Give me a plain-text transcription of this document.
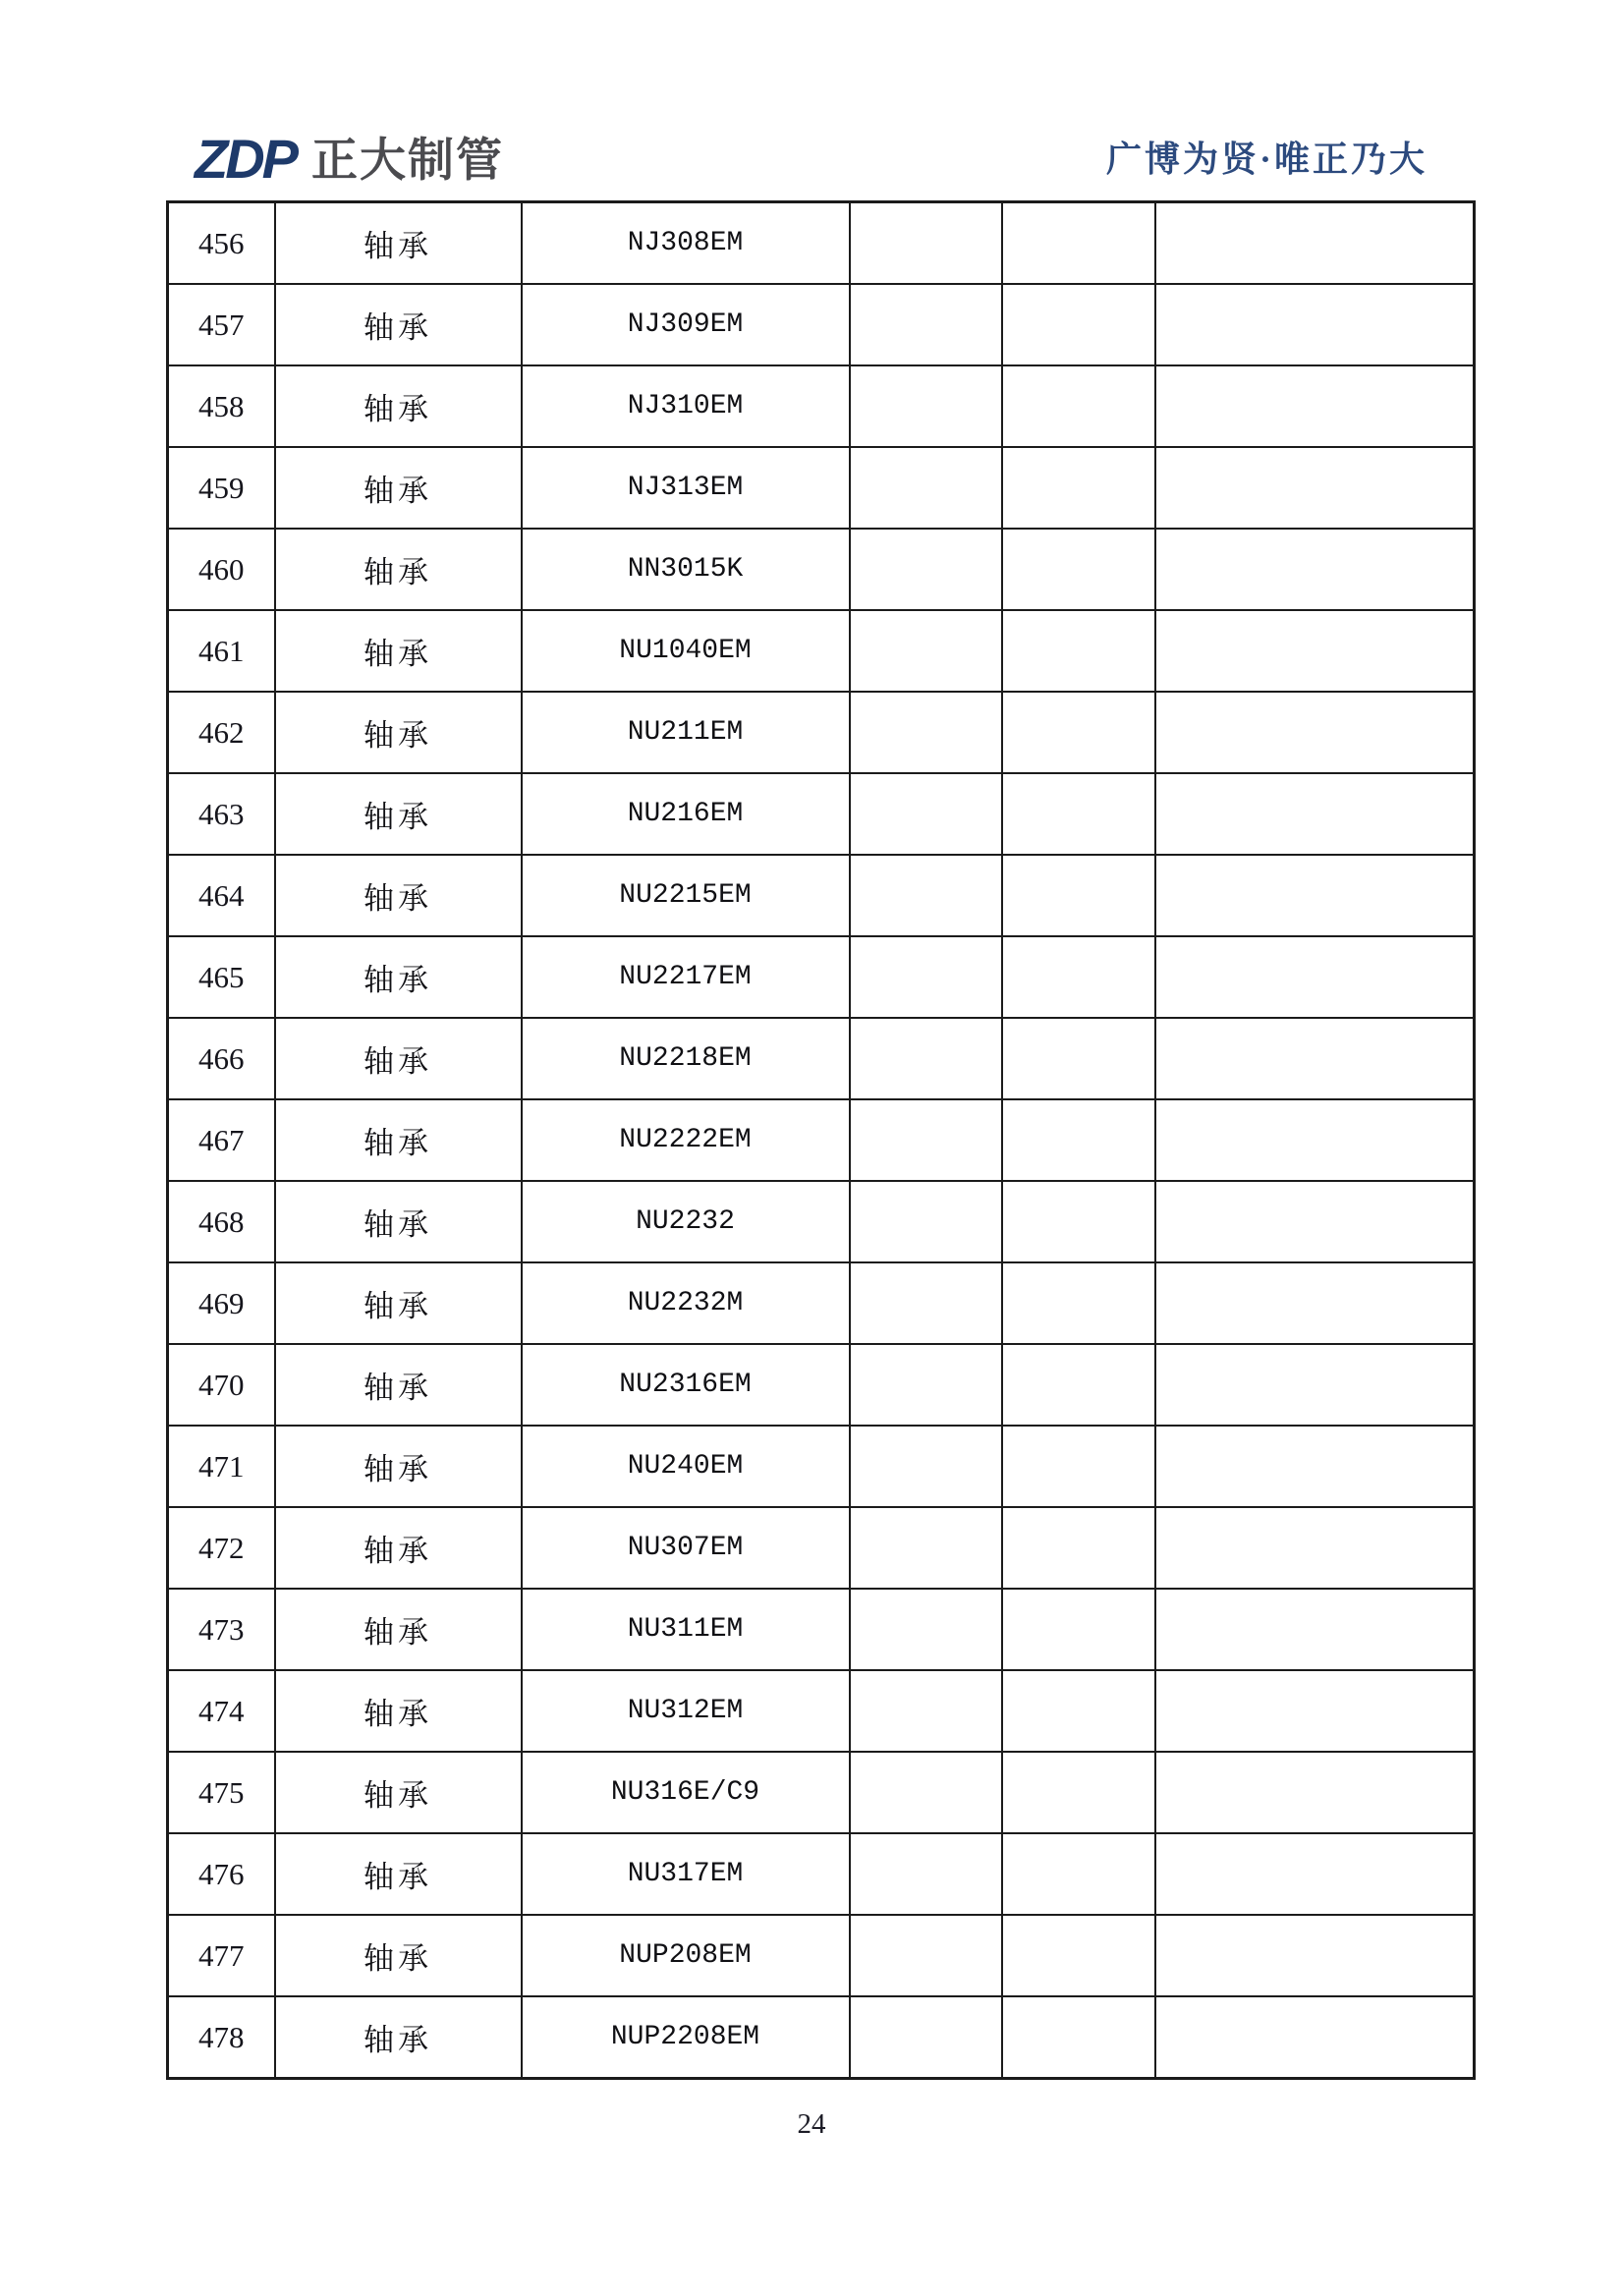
ZDP 正大制管	广博为贤·唯正乃大
456	轴承	NJ308EM			
457	轴承	NJ309EM			
458	轴承	NJ310EM			
459	轴承	NJ313EM			
460	轴承	NN3015K			
461	轴承	NU1040EM			
462	轴承	NU211EM			
463	轴承	NU216EM			
464	轴承	NU2215EM			
465	轴承	NU2217EM			
466	轴承	NU2218EM			
467	轴承	NU2222EM			
468	轴承	NU2232			
469	轴承	NU2232M			
470	轴承	NU2316EM			
471	轴承	NU240EM			
472	轴承	NU307EM			
473	轴承	NU311EM			
474	轴承	NU312EM			
475	轴承	NU316E/C9			
476	轴承	NU317EM			
477	轴承	NUP208EM			
478	轴承	NUP2208EM			
24
